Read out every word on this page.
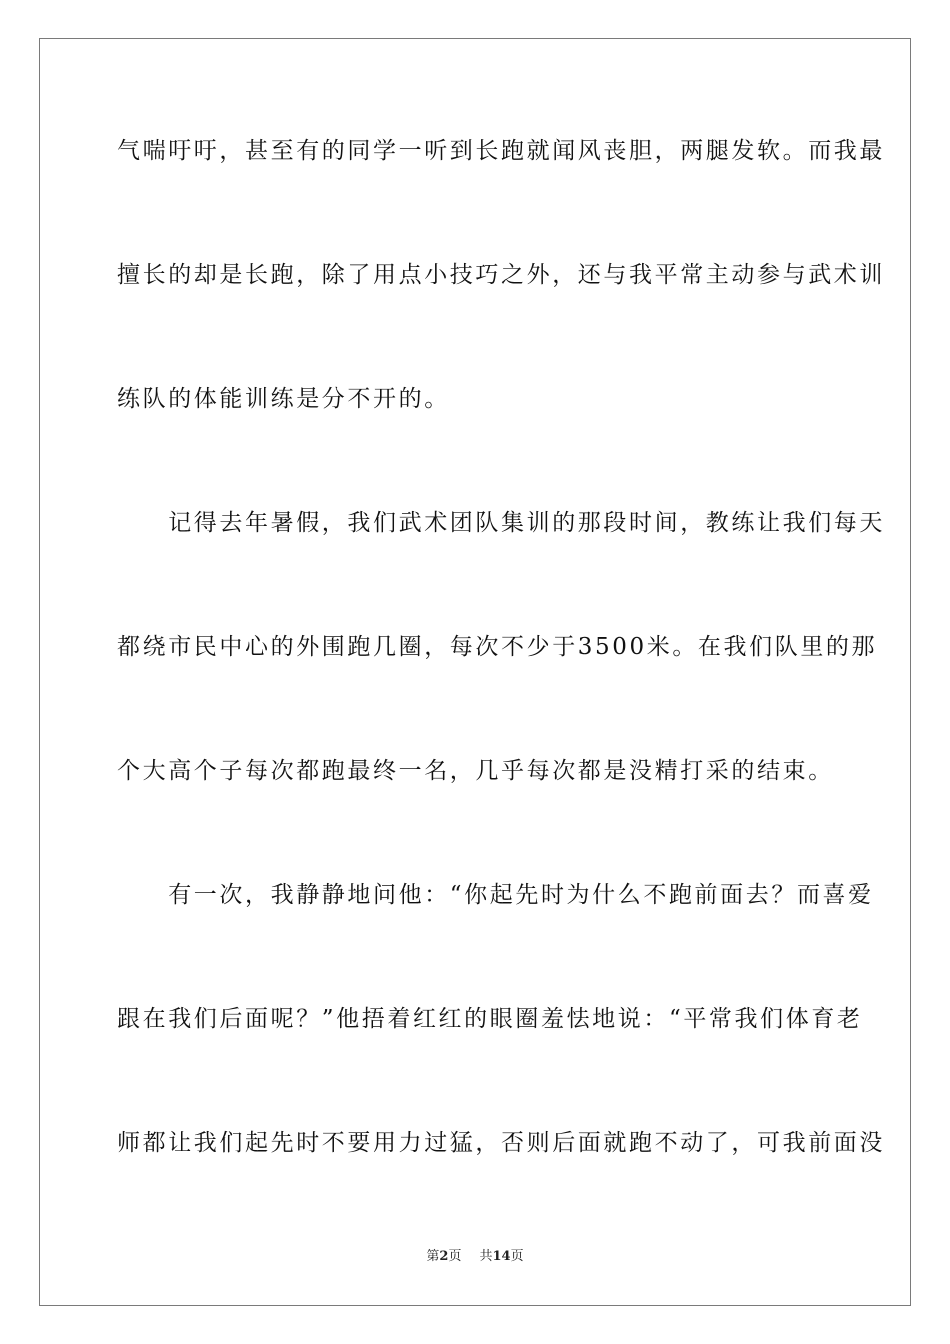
气喘吁吁，甚至有的同学一听到长跑就闻风丧胆，两腿发软。而我最
擅长的却是长跑，除了用点小技巧之外，还与我平常主动参与武术训
练队的体能训练是分不开的。
　　记得去年暑假，我们武术团队集训的那段时间，教练让我们每天
都绕市民中心的外围跑几圈，每次不少于3500米。在我们队里的那
个大高个子每次都跑最终一名，几乎每次都是没精打采的结束。
　　有一次，我静静地问他：“你起先时为什么不跑前面去？而喜爱
跟在我们后面呢？”他捂着红红的眼圈羞怯地说：“平常我们体育老
师都让我们起先时不要用力过猛，否则后面就跑不动了，可我前面没
第2页 共14页
